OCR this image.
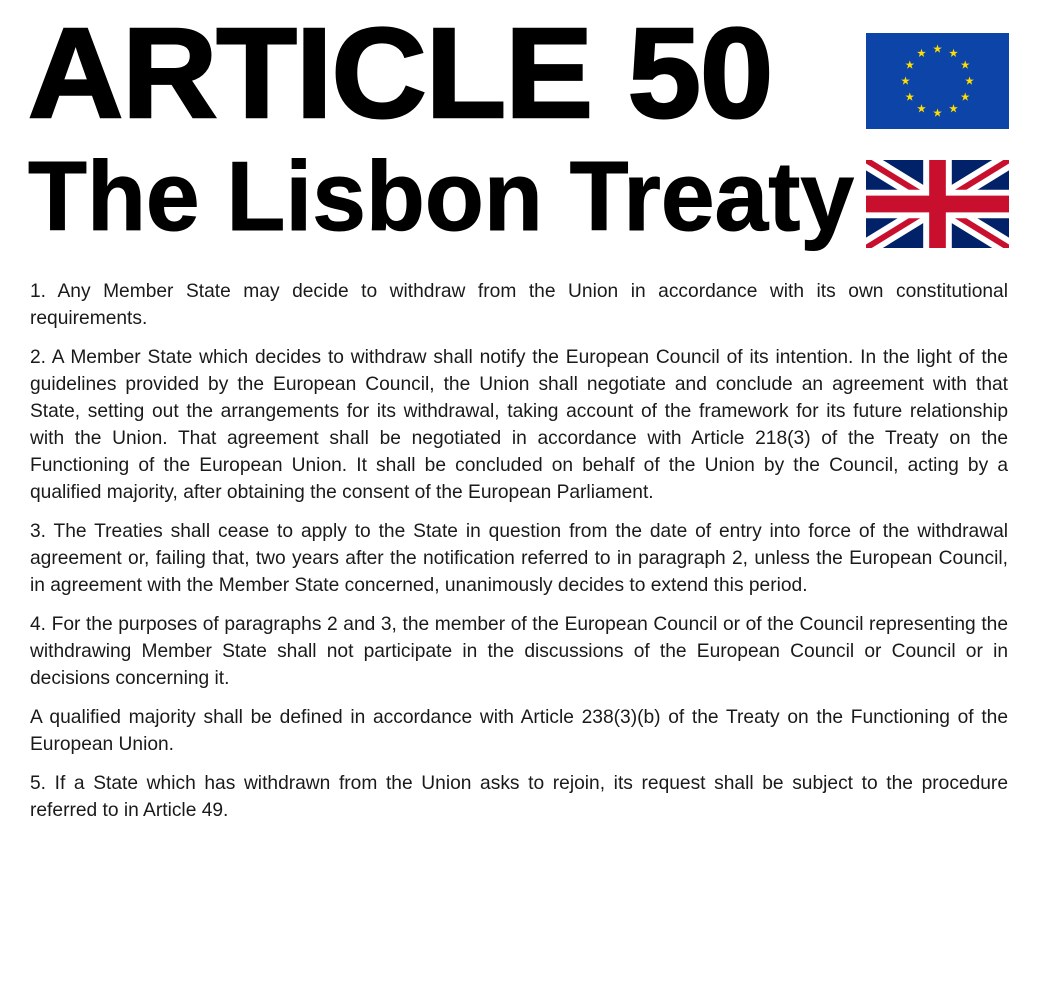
ARTICLE 50
The Lisbon Treaty

1. Any Member State may decide to withdraw from the Union in accordance with its own constitutional requirements.

2. A Member State which decides to withdraw shall notify the European Council of its intention. In the light of the guidelines provided by the European Council, the Union shall negotiate and conclude an agreement with that State, setting out the arrangements for its withdrawal, taking account of the framework for its future relationship with the Union. That agreement shall be negotiated in accordance with Article 218(3) of the Treaty on the Functioning of the European Union. It shall be concluded on behalf of the Union by the Council, acting by a qualified majority, after obtaining the consent of the European Parliament.

3. The Treaties shall cease to apply to the State in question from the date of entry into force of the withdrawal agreement or, failing that, two years after the notification referred to in paragraph 2, unless the European Council, in agreement with the Member State concerned, unanimously decides to extend this period.

4. For the purposes of paragraphs 2 and 3, the member of the European Council or of the Council representing the withdrawing Member State shall not participate in the discussions of the European Council or Council or in decisions concerning it.

A qualified majority shall be defined in accordance with Article 238(3)(b) of the Treaty on the Functioning of the European Union.

5. If a State which has withdrawn from the Union asks to rejoin, its request shall be subject to the procedure referred to in Article 49.
